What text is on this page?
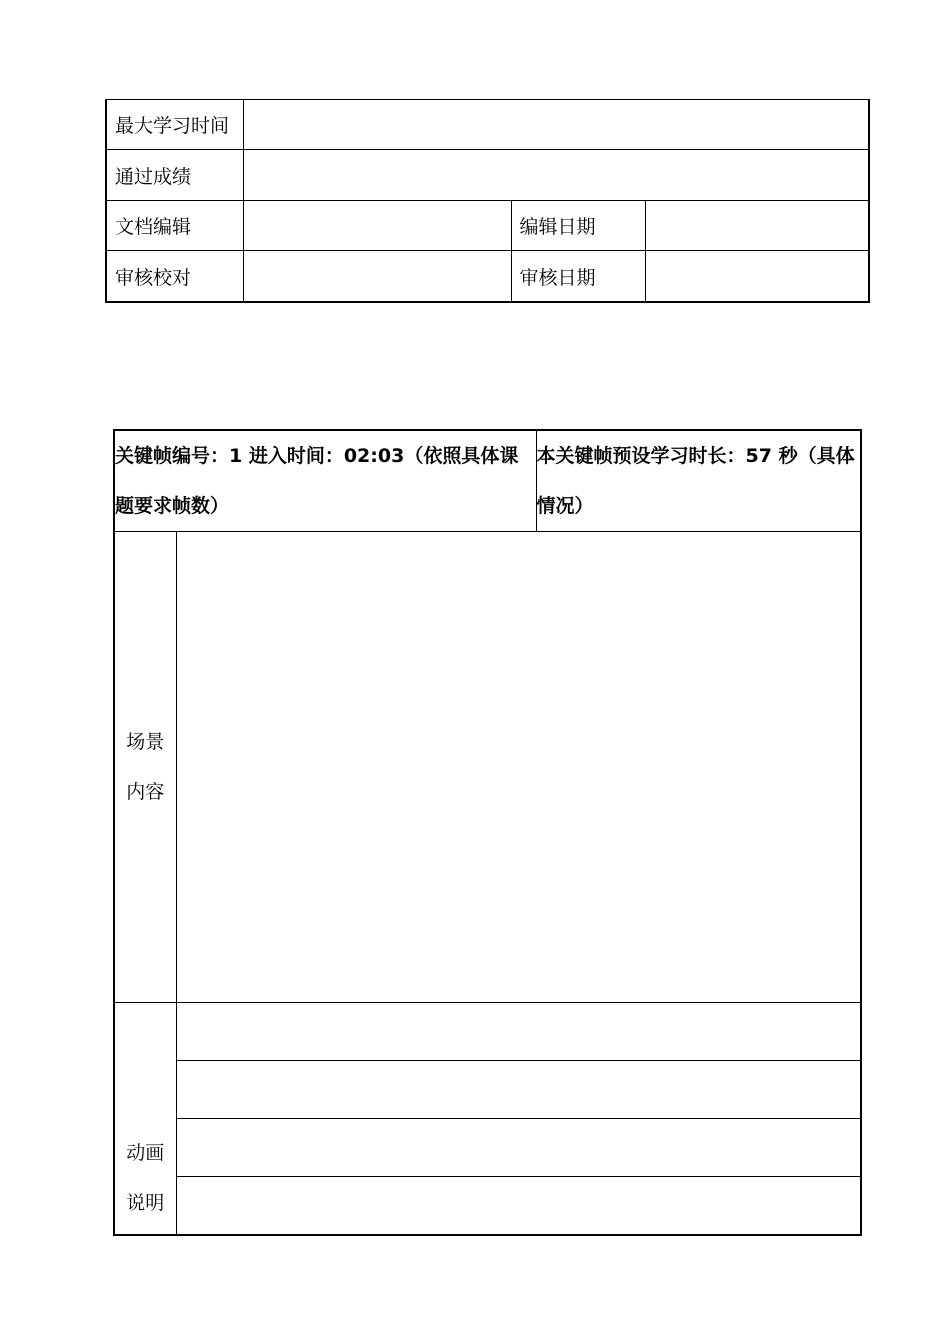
最大学习时间			
通过成绩			
文档编辑		编辑日期	
审核校对		审核日期	
关键帧编号：1 进入时间：02:03（依照具体课题要求帧数）		本关键帧预设学习时长：57 秒（具体情况）

场景
内容		

动画
说明		
